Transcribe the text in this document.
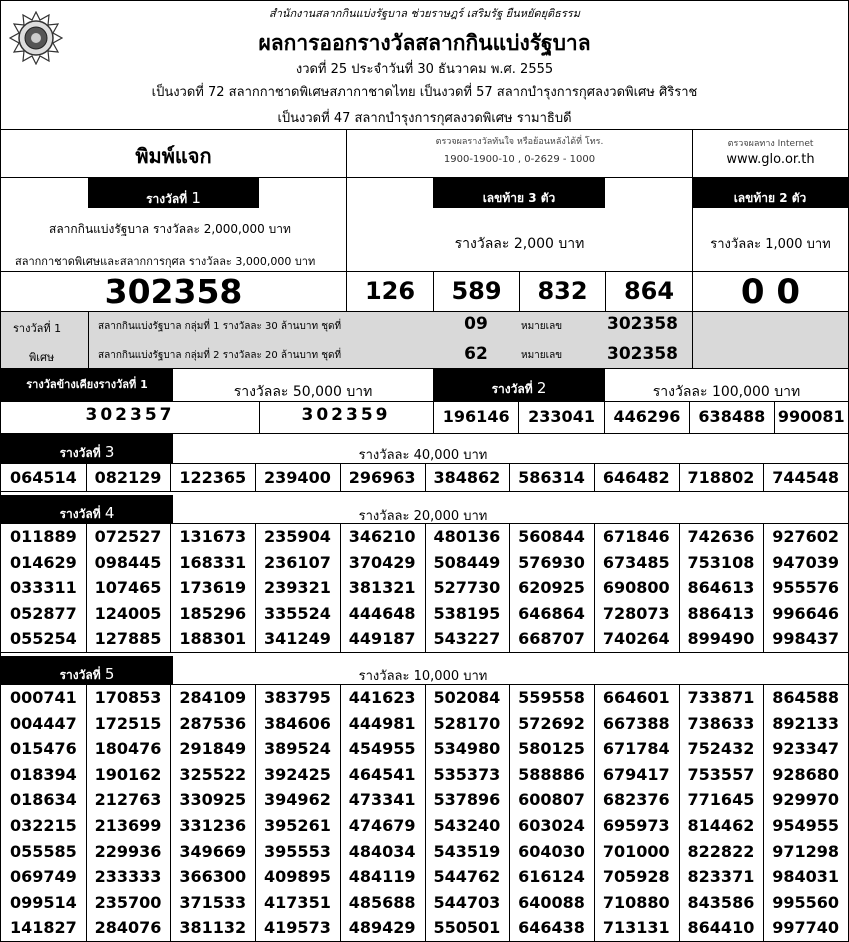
สำนักงานสลากกินแบ่งรัฐบาล ช่วยราษฎร์ เสริมรัฐ ยืนหยัดยุติธรรม
ผลการออกรางวัลสลากกินแบ่งรัฐบาล
งวดที่ 25 ประจำวันที่ 30 ธันวาคม พ.ศ. 2555
เป็นงวดที่ 72 สลากกาชาดพิเศษสภากาชาดไทย เป็นงวดที่ 57 สลากบำรุงการกุศลงวดพิเศษ ศิริราช
เป็นงวดที่ 47 สลากบำรุงการกุศลงวดพิเศษ รามาธิบดี
พิมพ์แจก
ตรวจผลรางวัลทันใจ หรือย้อนหลังได้ที่ โทร.
1900-1900-10 , 0-2629 - 1000
ตรวจผลทาง Internet
www.glo.or.th
รางวัลที่ 1	เลขท้าย 3 ตัว	เลขท้าย 2 ตัว
สลากกินแบ่งรัฐบาล รางวัลละ 2,000,000 บาท
สลากกาชาดพิเศษและสลากการกุศล รางวัลละ 3,000,000 บาท
รางวัลละ 2,000 บาท	รางวัลละ 1,000 บาท
302358	126	589	832	864	0 0
รางวัลที่ 1
พิเศษ
สลากกินแบ่งรัฐบาล กลุ่มที่ 1 รางวัลละ 30 ล้านบาท ชุดที่	09	หมายเลข	302358
สลากกินแบ่งรัฐบาล กลุ่มที่ 2 รางวัลละ 20 ล้านบาท ชุดที่	62	หมายเลข	302358
รางวัลข้างเคียงรางวัลที่ 1	รางวัลละ 50,000 บาท	รางวัลที่ 2	รางวัลละ 100,000 บาท
302357	302359	196146	233041	446296	638488 990081
รางวัลที่ 3	รางวัลละ 40,000 บาท
064514	082129	122365	239400	296963	384862	586314	646482	718802	744548
รางวัลที่ 4	รางวัลละ 20,000 บาท
011889	072527	131673	235904	346210	480136	560844	671846	742636	927602
014629	098445	168331	236107	370429	508449	576930	673485	753108	947039
033311	107465	173619	239321	381321	527730	620925	690800	864613	955576
052877	124005	185296	335524	444648	538195	646864	728073	886413	996646
055254	127885	188301	341249	449187	543227	668707	740264	899490	998437
รางวัลที่ 5	รางวัลละ 10,000 บาท
000741	170853	284109	383795	441623	502084	559558	664601	733871	864588
004447	172515	287536	384606	444981	528170	572692	667388	738633	892133
015476	180476	291849	389524	454955	534980	580125	671784	752432	923347
018394	190162	325522	392425	464541	535373	588886	679417	753557	928680
018634	212763	330925	394962	473341	537896	600807	682376	771645	929970
032215	213699	331236	395261	474679	543240	603024	695973	814462	954955
055585	229936	349669	395553	484034	543519	604030	701000	822822	971298
069749	233333	366300	409895	484119	544762	616124	705928	823371	984031
099514	235700	371533	417351	485688	544703	640088	710880	843586	995560
141827	284076	381132	419573	489429	550501	646438	713131	864410	997740
